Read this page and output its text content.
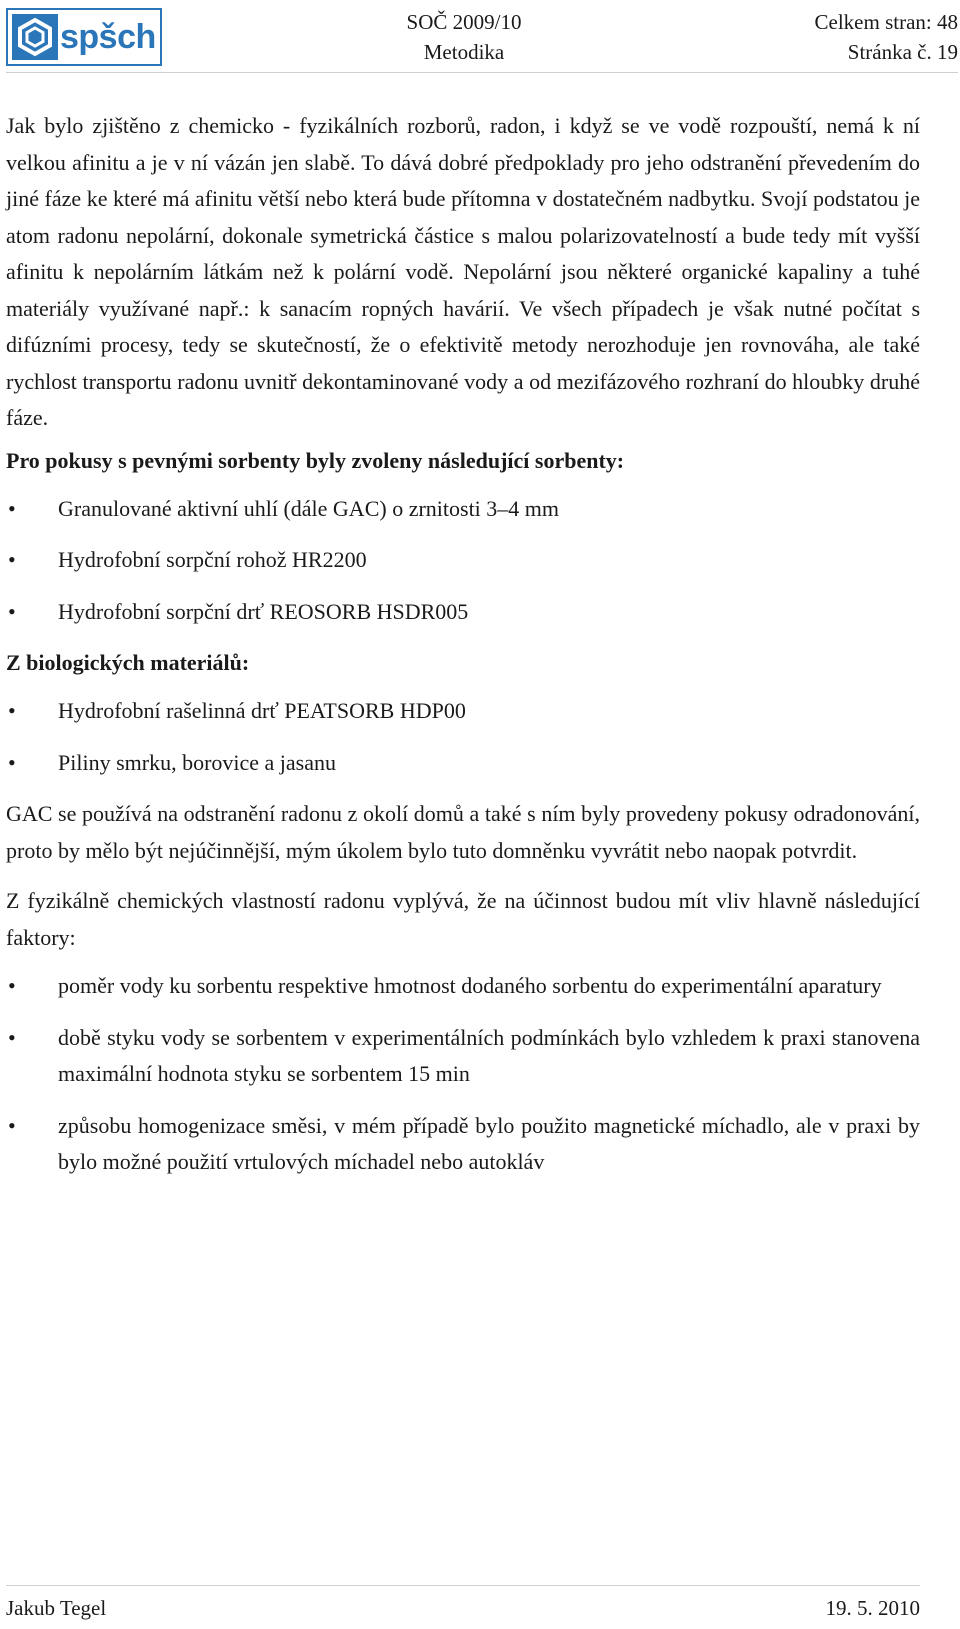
spšch	SOČ 2009/10
Metodika
Celkem stran: 48
Stránka č. 19

Jak bylo zjištěno z chemicko - fyzikálních rozborů, radon, i když se ve vodě rozpouští, nemá k ní velkou afinitu a je v ní vázán jen slabě. To dává dobré předpoklady pro jeho odstranění převedením do jiné fáze ke které má afinitu větší nebo která bude přítomna v dostatečném nadbytku. Svojí podstatou je atom radonu nepolární, dokonale symetrická částice s malou polarizovatelností a bude tedy mít vyšší afinitu k nepolárním látkám než k polární vodě. Nepolární jsou některé organické kapaliny a tuhé materiály využívané např.: k sanacím ropných havárií. Ve všech případech je však nutné počítat s difúzními procesy, tedy se skutečností, že o efektivitě metody nerozhoduje jen rovnováha, ale také rychlost transportu radonu uvnitř dekontaminované vody a od mezifázového rozhraní do hloubky druhé fáze.

Pro pokusy s pevnými sorbenty byly zvoleny následující sorbenty:

• Granulované aktivní uhlí (dále GAC) o zrnitosti 3–4 mm
• Hydrofobní sorpční rohož HR2200
• Hydrofobní sorpční drť REOSORB HSDR005

Z biologických materiálů:

• Hydrofobní rašelinná drť PEATSORB HDP00
• Piliny smrku, borovice a jasanu

GAC se používá na odstranění radonu z okolí domů a také s ním byly provedeny pokusy odradonování, proto by mělo být nejúčinnější, mým úkolem bylo tuto domněnku vyvrátit nebo naopak potvrdit.

Z fyzikálně chemických vlastností radonu vyplývá, že na účinnost budou mít vliv hlavně následující faktory:

• poměr vody ku sorbentu respektive hmotnost dodaného sorbentu do experimentální aparatury
• době styku vody se sorbentem v experimentálních podmínkách bylo vzhledem k praxi stanovena maximální hodnota styku se sorbentem 15 min
• způsobu homogenizace směsi, v mém případě bylo použito magnetické míchadlo, ale v praxi by bylo možné použití vrtulových míchadel nebo autokláv
Jakub Tegel	19. 5. 2010
